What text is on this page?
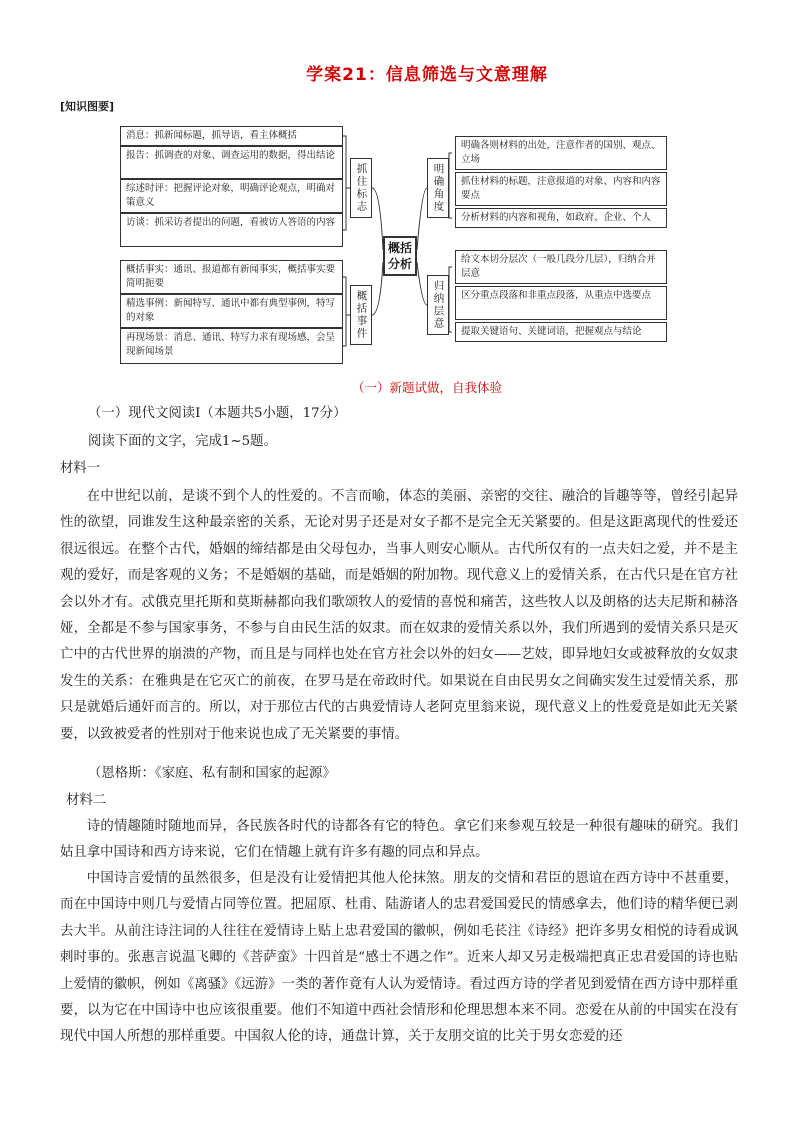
学案21：信息筛选与文意理解
[知识图要]
消息：抓新闻标题，抓导语，看主体概括
报告：抓调查的对象、调查运用的数据，得出结论
综述时评：把握评论对象，明确评论观点，明确对策意义
访谈：抓采访者提出的问题，看被访人答语的内容
抓住标志
概括事实：通讯、报道都有新闻事实，概括事实要简明扼要
精选事例：新闻特写、通讯中都有典型事例，特写的对象
再现场景：消息、通讯、特写力求有现场感，会呈现新闻场景
概括事件
概括分析
明确角度
明确各则材料的出处，注意作者的国别、观点、立场
抓住材料的标题，注意报道的对象、内容和内容要点
分析材料的内容和视角，如政府、企业、个人
归纳层意
给文本切分层次（一般几段分几层），归纳合并层意
区分重点段落和非重点段落，从重点中选要点
提取关键语句、关键词语，把握观点与结论
（一）新题试做，自我体验

（一）现代文阅读Ⅰ（本题共5小题，17分）

阅读下面的文字，完成1~5题。

材料一

在中世纪以前，是谈不到个人的性爱的。不言而喻，体态的美丽、亲密的交往、融洽的旨趣等等，曾经引起异性的欲望，同谁发生这种最亲密的关系，无论对男子还是对女子都不是完全无关紧要的。但是这距离现代的性爱还很远很远。在整个古代，婚姻的缔结都是由父母包办，当事人则安心顺从。古代所仅有的一点夫妇之爱，并不是主观的爱好，而是客观的义务；不是婚姻的基础，而是婚姻的附加物。现代意义上的爱情关系，在古代只是在官方社会以外才有。忒俄克里托斯和莫斯赫都向我们歌颂牧人的爱情的喜悦和痛苦，这些牧人以及朗格的达夫尼斯和赫洛娅，全都是不参与国家事务，不参与自由民生活的奴隶。而在奴隶的爱情关系以外，我们所遇到的爱情关系只是灭亡中的古代世界的崩溃的产物，而且是与同样也处在官方社会以外的妇女——艺妓，即异地妇女或被释放的女奴隶发生的关系：在雅典是在它灭亡的前夜，在罗马是在帝政时代。如果说在自由民男女之间确实发生过爱情关系，那只是就婚后通奸而言的。所以，对于那位古代的古典爱情诗人老阿克里翁来说，现代意义上的性爱竟是如此无关紧要，以致被爱者的性别对于他来说也成了无关紧要的事情。

（恩格斯：《家庭、私有制和国家的起源》

材料二

诗的情趣随时随地而异，各民族各时代的诗都各有它的特色。拿它们来参观互较是一种很有趣味的研究。我们姑且拿中国诗和西方诗来说，它们在情趣上就有许多有趣的同点和异点。

中国诗言爱情的虽然很多，但是没有让爱情把其他人伦抹煞。朋友的交情和君臣的恩谊在西方诗中不甚重要，而在中国诗中则几与爱情占同等位置。把屈原、杜甫、陆游诸人的忠君爱国爱民的情感拿去，他们诗的精华便已剥去大半。从前注诗注词的人往往在爱情诗上贴上忠君爱国的徽帜，例如毛苌注《诗经》把许多男女相悦的诗看成讽刺时事的。张惠言说温飞卿的《菩萨蛮》十四首是“感士不遇之作”。近来人却又另走极端把真正忠君爱国的诗也贴上爱情的徽帜，例如《离骚》《远游》一类的著作竟有人认为爱情诗。看过西方诗的学者见到爱情在西方诗中那样重要，以为它在中国诗中也应该很重要。他们不知道中西社会情形和伦理思想本来不同。恋爱在从前的中国实在没有现代中国人所想的那样重要。中国叙人伦的诗，通盘计算，关于友朋交谊的比关于男女恋爱的还
